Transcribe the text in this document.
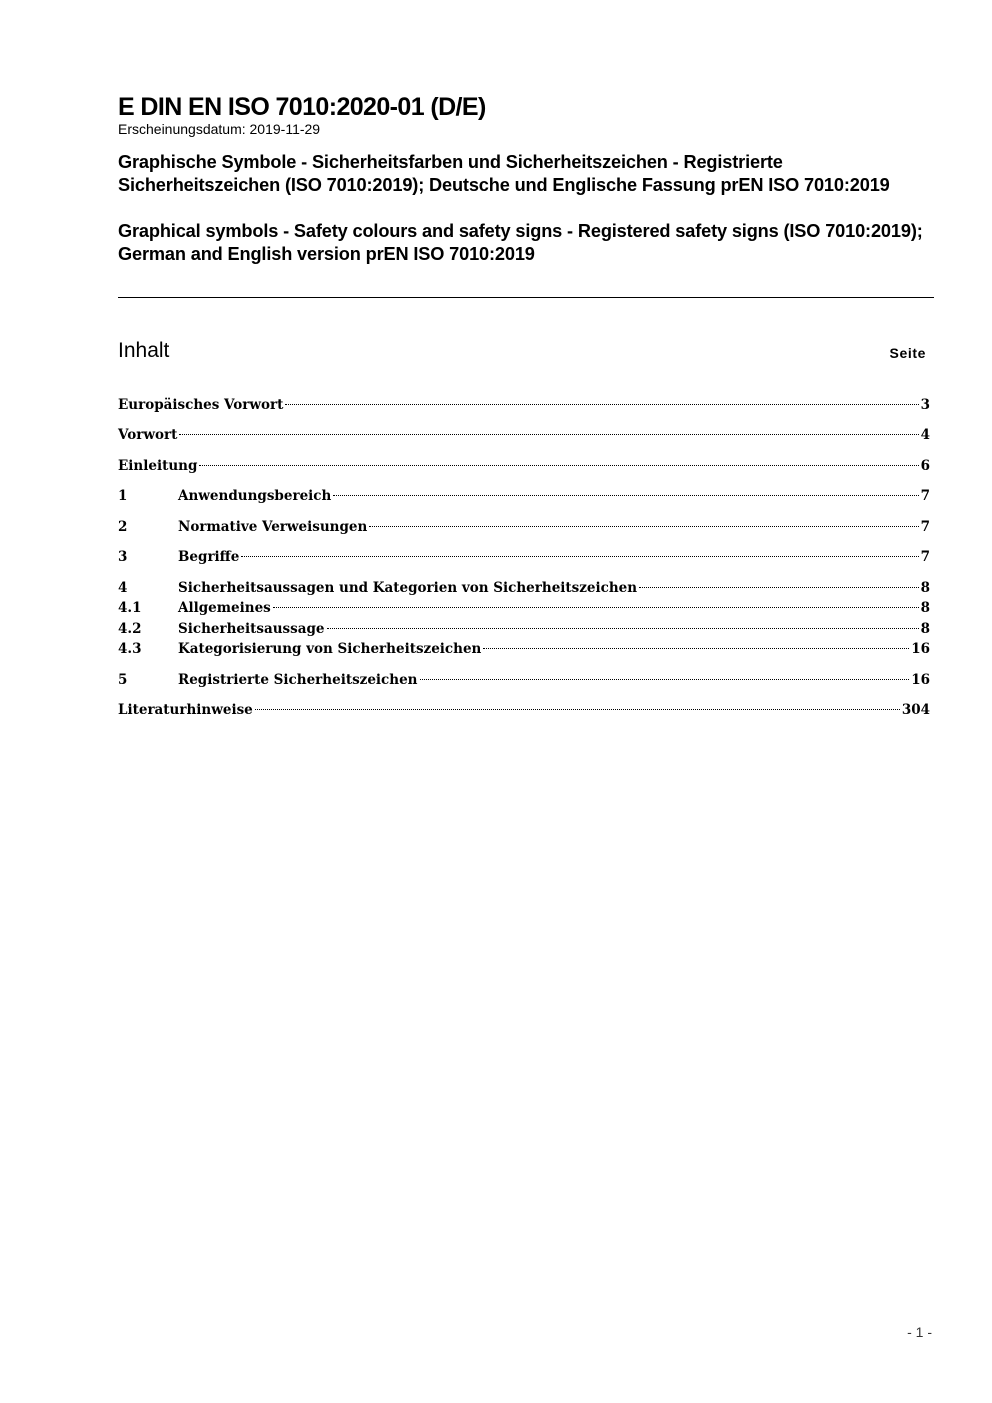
E DIN EN ISO 7010:2020-01 (D/E)
Erscheinungsdatum: 2019-11-29

Graphische Symbole - Sicherheitsfarben und Sicherheitszeichen - Registrierte Sicherheitszeichen (ISO 7010:2019); Deutsche und Englische Fassung prEN ISO 7010:2019

Graphical symbols - Safety colours and safety signs - Registered safety signs (ISO 7010:2019); German and English version prEN ISO 7010:2019

Inhalt	Seite
Europäisches Vorwort	3
Vorwort	4
Einleitung	6
1	Anwendungsbereich	7
2	Normative Verweisungen	7
3	Begriffe	7
4	Sicherheitsaussagen und Kategorien von Sicherheitszeichen	8
4.1	Allgemeines	8
4.2	Sicherheitsaussage	8
4.3	Kategorisierung von Sicherheitszeichen	16
5	Registrierte Sicherheitszeichen	16
Literaturhinweise	304
- 1 -
